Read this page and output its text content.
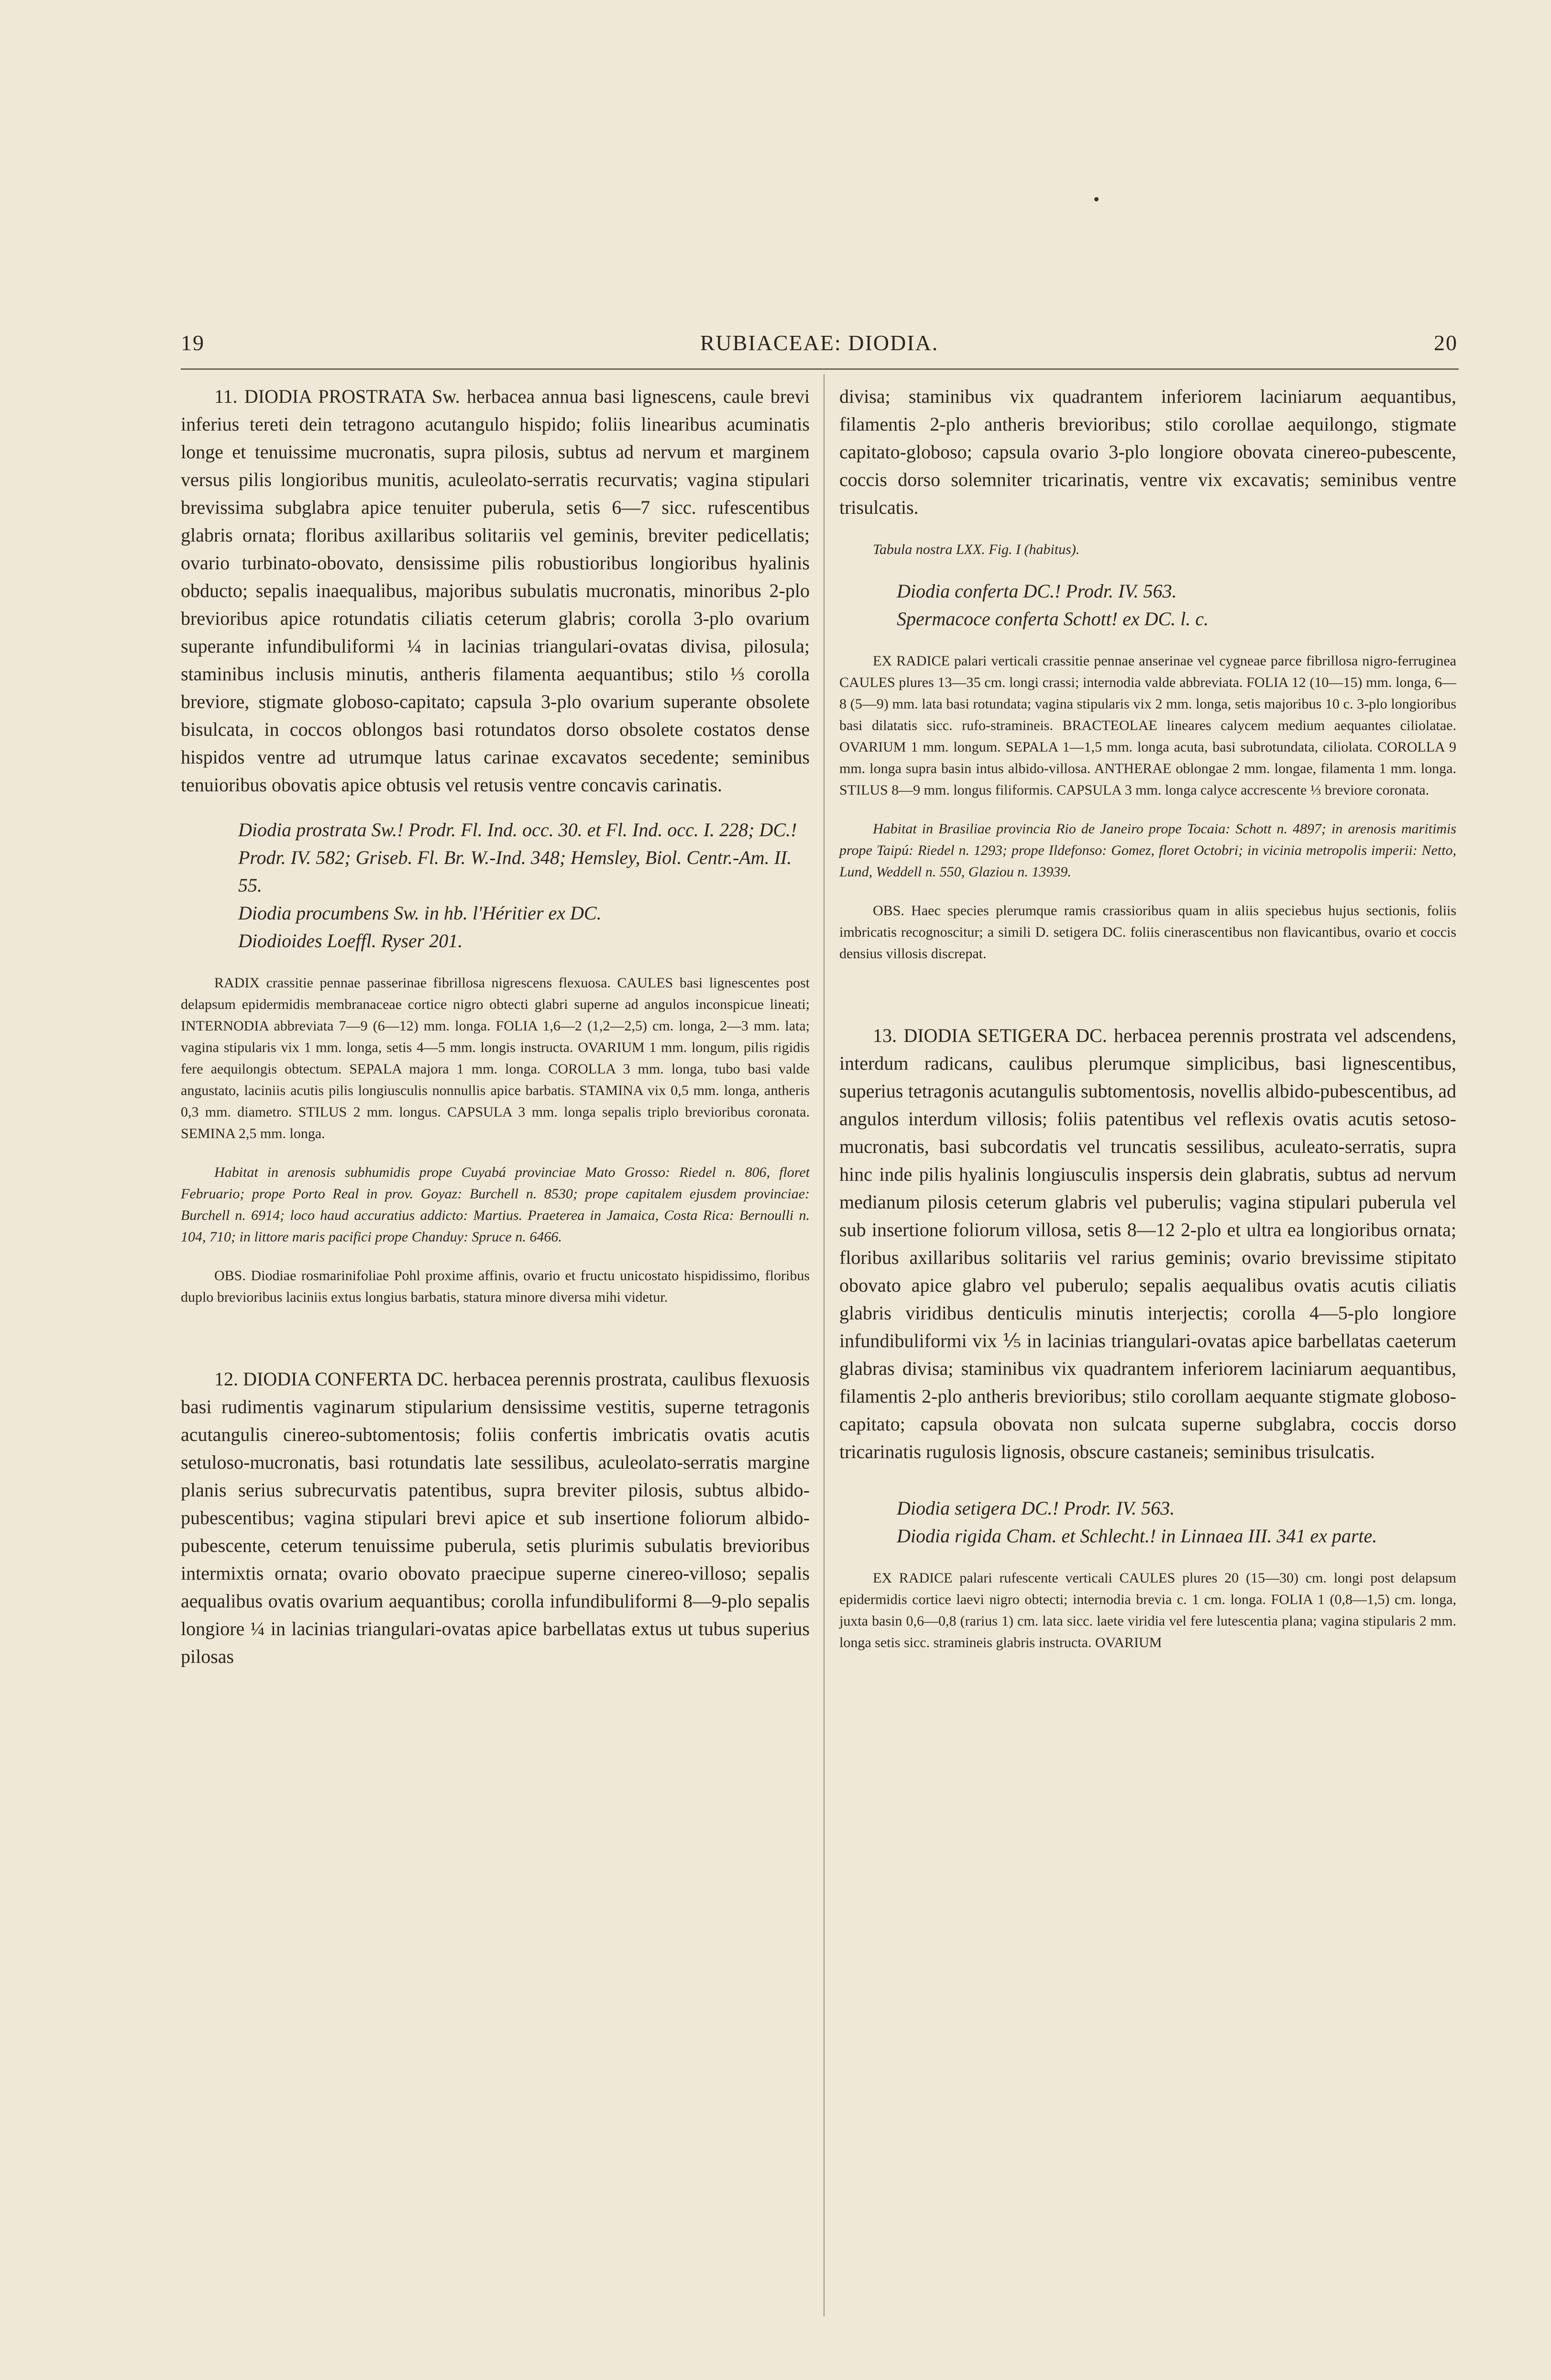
19	RUBIACEAE: DIODIA.	20

11. DIODIA PROSTRATA Sw. herbacea annua basi lignescens, caule brevi inferius tereti dein tetragono acutangulo hispido; foliis linearibus acuminatis longe et tenuissime mucronatis, supra pilosis, subtus ad nervum et marginem versus pilis longioribus munitis, aculeolato-serratis recurvatis; vagina stipulari brevissima subglabra apice tenuiter puberula, setis 6—7 sicc. rufescentibus glabris ornata; floribus axillaribus solitariis vel geminis, breviter pedicellatis; ovario turbinato-obovato, densissime pilis robustioribus longioribus hyalinis obducto; sepalis inaequalibus, majoribus subulatis mucronatis, minoribus 2-plo brevioribus apice rotundatis ciliatis ceterum glabris; corolla 3-plo ovarium superante infundibuliformi ¼ in lacinias triangulari-ovatas divisa, pilosula; staminibus inclusis minutis, antheris filamenta aequantibus; stilo ⅓ corolla breviore, stigmate globoso-capitato; capsula 3-plo ovarium superante obsolete bisulcata, in coccos oblongos basi rotundatos dorso obsolete costatos dense hispidos ventre ad utrumque latus carinae excavatos secedente; seminibus tenuioribus obovatis apice obtusis vel retusis ventre concavis carinatis.

Diodia prostrata Sw.! Prodr. Fl. Ind. occ. 30. et Fl. Ind. occ. I. 228; DC.! Prodr. IV. 582; Griseb. Fl. Br. W.-Ind. 348; Hemsley, Biol. Centr.-Am. II. 55.

Diodia procumbens Sw. in hb. l'Héritier ex DC.

Diodioides Loeffl. Ryser 201.

RADIX crassitie pennae passerinae fibrillosa nigrescens flexuosa. CAULES basi lignescentes post delapsum epidermidis membranaceae cortice nigro obtecti glabri superne ad angulos inconspicue lineati; INTERNODIA abbreviata 7—9 (6—12) mm. longa. FOLIA 1,6—2 (1,2—2,5) cm. longa, 2—3 mm. lata; vagina stipularis vix 1 mm. longa, setis 4—5 mm. longis instructa. OVARIUM 1 mm. longum, pilis rigidis fere aequilongis obtectum. SEPALA majora 1 mm. longa. COROLLA 3 mm. longa, tubo basi valde angustato, laciniis acutis pilis longiusculis nonnullis apice barbatis. STAMINA vix 0,5 mm. longa, antheris 0,3 mm. diametro. STILUS 2 mm. longus. CAPSULA 3 mm. longa sepalis triplo brevioribus coronata. SEMINA 2,5 mm. longa.

Habitat in arenosis subhumidis prope Cuyabá provinciae Mato Grosso: Riedel n. 806, floret Februario; prope Porto Real in prov. Goyaz: Burchell n. 8530; prope capitalem ejusdem provinciae: Burchell n. 6914; loco haud accuratius addicto: Martius. Praeterea in Jamaica, Costa Rica: Bernoulli n. 104, 710; in littore maris pacifici prope Chanduy: Spruce n. 6466.

OBS. Diodiae rosmarinifoliae Pohl proxime affinis, ovario et fructu unicostato hispidissimo, floribus duplo brevioribus laciniis extus longius barbatis, statura minore diversa mihi videtur.

12. DIODIA CONFERTA DC. herbacea perennis prostrata, caulibus flexuosis basi rudimentis vaginarum stipularium densissime vestitis, superne tetragonis acutangulis cinereo-subtomentosis; foliis confertis imbricatis ovatis acutis setuloso-mucronatis, basi rotundatis late sessilibus, aculeolato-serratis margine planis serius subrecurvatis patentibus, supra breviter pilosis, subtus albido-pubescentibus; vagina stipulari brevi apice et sub insertione foliorum albido-pubescente, ceterum tenuissime puberula, setis plurimis subulatis brevioribus intermixtis ornata; ovario obovato praecipue superne cinereo-villoso; sepalis aequalibus ovatis ovarium aequantibus; corolla infundibuliformi 8—9-plo sepalis longiore ¼ in lacinias triangulari-ovatas apice barbellatas extus ut tubus superius pilosas

divisa; staminibus vix quadrantem inferiorem laciniarum aequantibus, filamentis 2-plo antheris brevioribus; stilo corollae aequilongo, stigmate capitato-globoso; capsula ovario 3-plo longiore obovata cinereo-pubescente, coccis dorso solemniter tricarinatis, ventre vix excavatis; seminibus ventre trisulcatis.

Tabula nostra LXX. Fig. I (habitus).

Diodia conferta DC.! Prodr. IV. 563.

Spermacoce conferta Schott! ex DC. l. c.

EX RADICE palari verticali crassitie pennae anserinae vel cygneae parce fibrillosa nigro-ferruginea CAULES plures 13—35 cm. longi crassi; internodia valde abbreviata. FOLIA 12 (10—15) mm. longa, 6—8 (5—9) mm. lata basi rotundata; vagina stipularis vix 2 mm. longa, setis majoribus 10 c. 3-plo longioribus basi dilatatis sicc. rufo-stramineis. BRACTEOLAE lineares calycem medium aequantes ciliolatae. OVARIUM 1 mm. longum. SEPALA 1—1,5 mm. longa acuta, basi subrotundata, ciliolata. COROLLA 9 mm. longa supra basin intus albido-villosa. ANTHERAE oblongae 2 mm. longae, filamenta 1 mm. longa. STILUS 8—9 mm. longus filiformis. CAPSULA 3 mm. longa calyce accrescente ⅓ breviore coronata.

Habitat in Brasiliae provincia Rio de Janeiro prope Tocaia: Schott n. 4897; in arenosis maritimis prope Taipú: Riedel n. 1293; prope Ildefonso: Gomez, floret Octobri; in vicinia metropolis imperii: Netto, Lund, Weddell n. 550, Glaziou n. 13939.

OBS. Haec species plerumque ramis crassioribus quam in aliis speciebus hujus sectionis, foliis imbricatis recognoscitur; a simili D. setigera DC. foliis cinerascentibus non flavicantibus, ovario et coccis densius villosis discrepat.

13. DIODIA SETIGERA DC. herbacea perennis prostrata vel adscendens, interdum radicans, caulibus plerumque simplicibus, basi lignescentibus, superius tetragonis acutangulis subtomentosis, novellis albido-pubescentibus, ad angulos interdum villosis; foliis patentibus vel reflexis ovatis acutis setoso-mucronatis, basi subcordatis vel truncatis sessilibus, aculeato-serratis, supra hinc inde pilis hyalinis longiusculis inspersis dein glabratis, subtus ad nervum medianum pilosis ceterum glabris vel puberulis; vagina stipulari puberula vel sub insertione foliorum villosa, setis 8—12 2-plo et ultra ea longioribus ornata; floribus axillaribus solitariis vel rarius geminis; ovario brevissime stipitato obovato apice glabro vel puberulo; sepalis aequalibus ovatis acutis ciliatis glabris viridibus denticulis minutis interjectis; corolla 4—5-plo longiore infundibuliformi vix ⅕ in lacinias triangulari-ovatas apice barbellatas caeterum glabras divisa; staminibus vix quadrantem inferiorem laciniarum aequantibus, filamentis 2-plo antheris brevioribus; stilo corollam aequante stigmate globoso-capitato; capsula obovata non sulcata superne subglabra, coccis dorso tricarinatis rugulosis lignosis, obscure castaneis; seminibus trisulcatis.

Diodia setigera DC.! Prodr. IV. 563.

Diodia rigida Cham. et Schlecht.! in Linnaea III. 341 ex parte.

EX RADICE palari rufescente verticali CAULES plures 20 (15—30) cm. longi post delapsum epidermidis cortice laevi nigro obtecti; internodia brevia c. 1 cm. longa. FOLIA 1 (0,8—1,5) cm. longa, juxta basin 0,6—0,8 (rarius 1) cm. lata sicc. laete viridia vel fere lutescentia plana; vagina stipularis 2 mm. longa setis sicc. stramineis glabris instructa. OVARIUM
